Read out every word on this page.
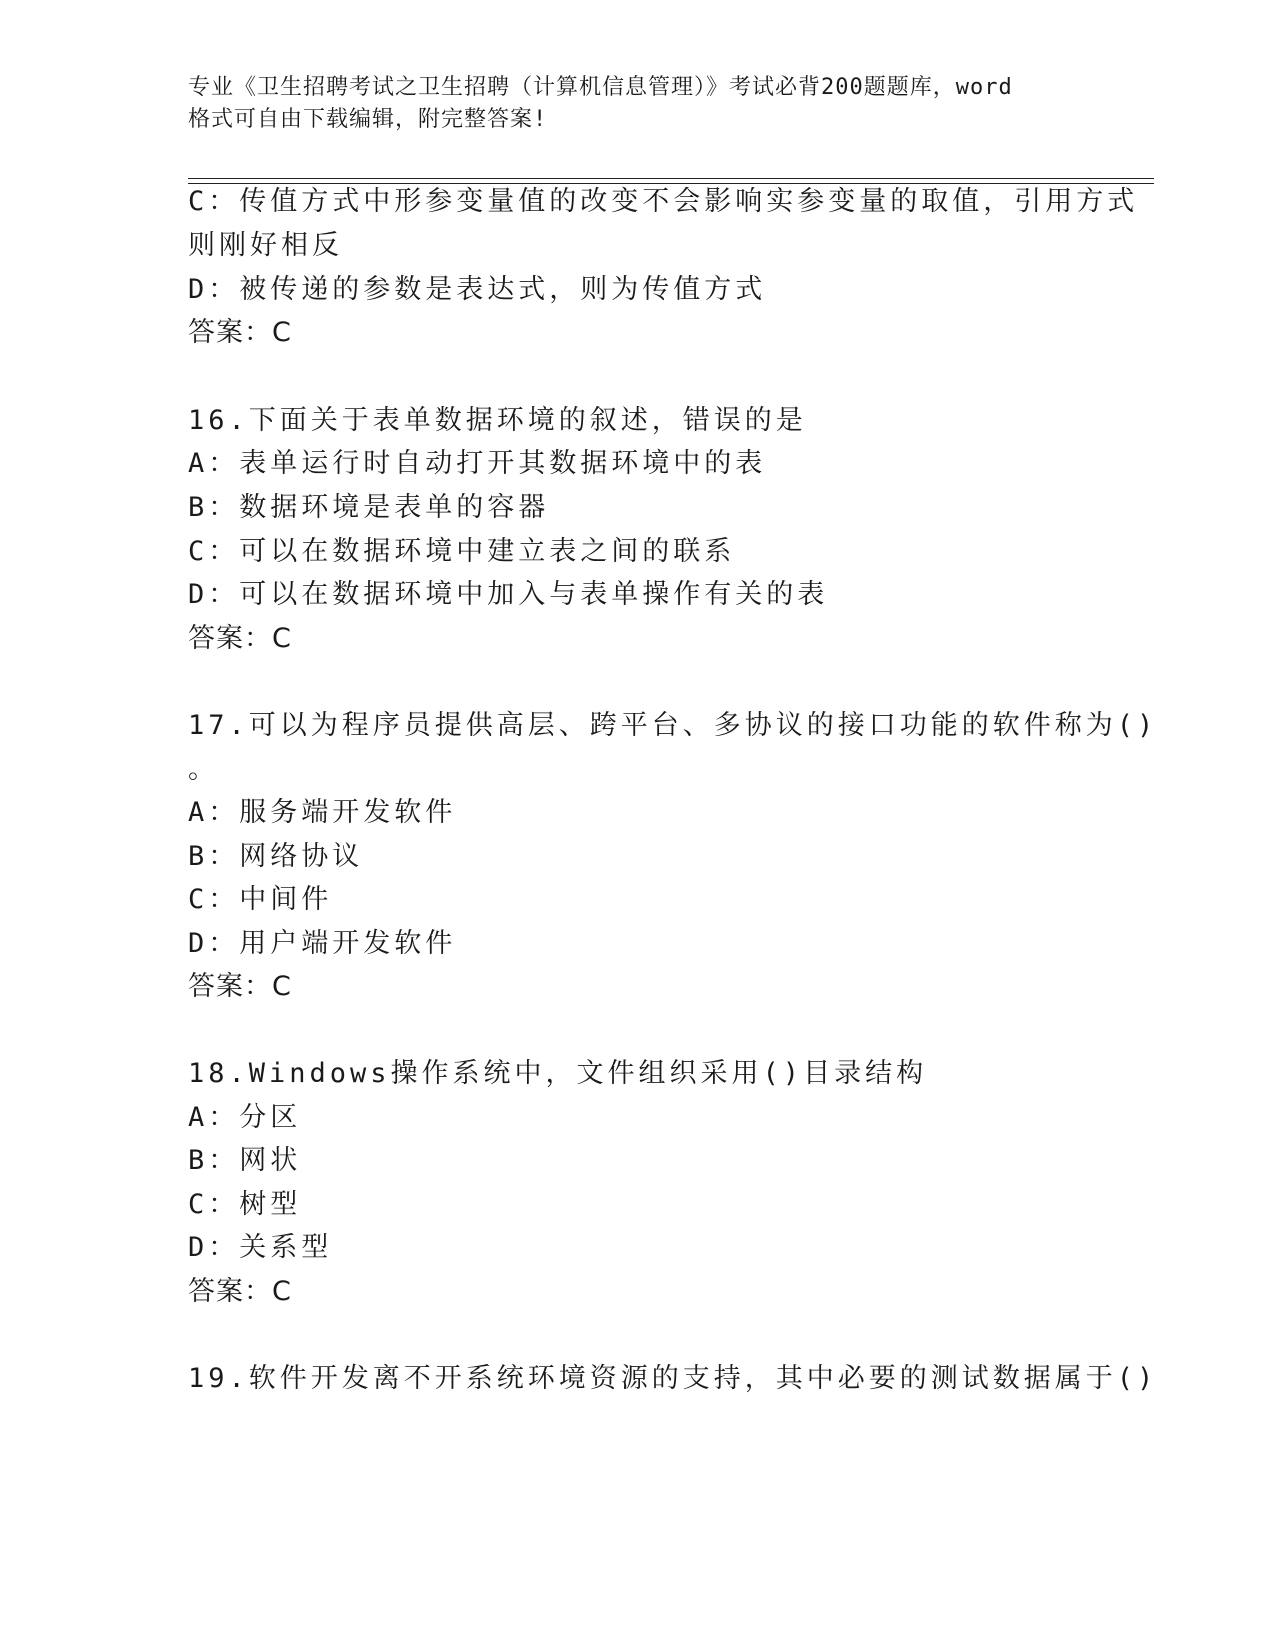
专业《卫生招聘考试之卫生招聘（计算机信息管理）》考试必背200题题库，word
格式可自由下载编辑，附完整答案!
C：传值方式中形参变量值的改变不会影响实参变量的取值，引用方式
则刚好相反
D：被传递的参数是表达式，则为传值方式
答案：C
16.下面关于表单数据环境的叙述，错误的是
A：表单运行时自动打开其数据环境中的表
B：数据环境是表单的容器
C：可以在数据环境中建立表之间的联系
D：可以在数据环境中加入与表单操作有关的表
答案：C
17.可以为程序员提供高层、跨平台、多协议的接口功能的软件称为()
。
A：服务端开发软件
B：网络协议
C：中间件
D：用户端开发软件
答案：C
18.Windows操作系统中，文件组织采用()目录结构
A：分区
B：网状
C：树型
D：关系型
答案：C
19.软件开发离不开系统环境资源的支持，其中必要的测试数据属于()
